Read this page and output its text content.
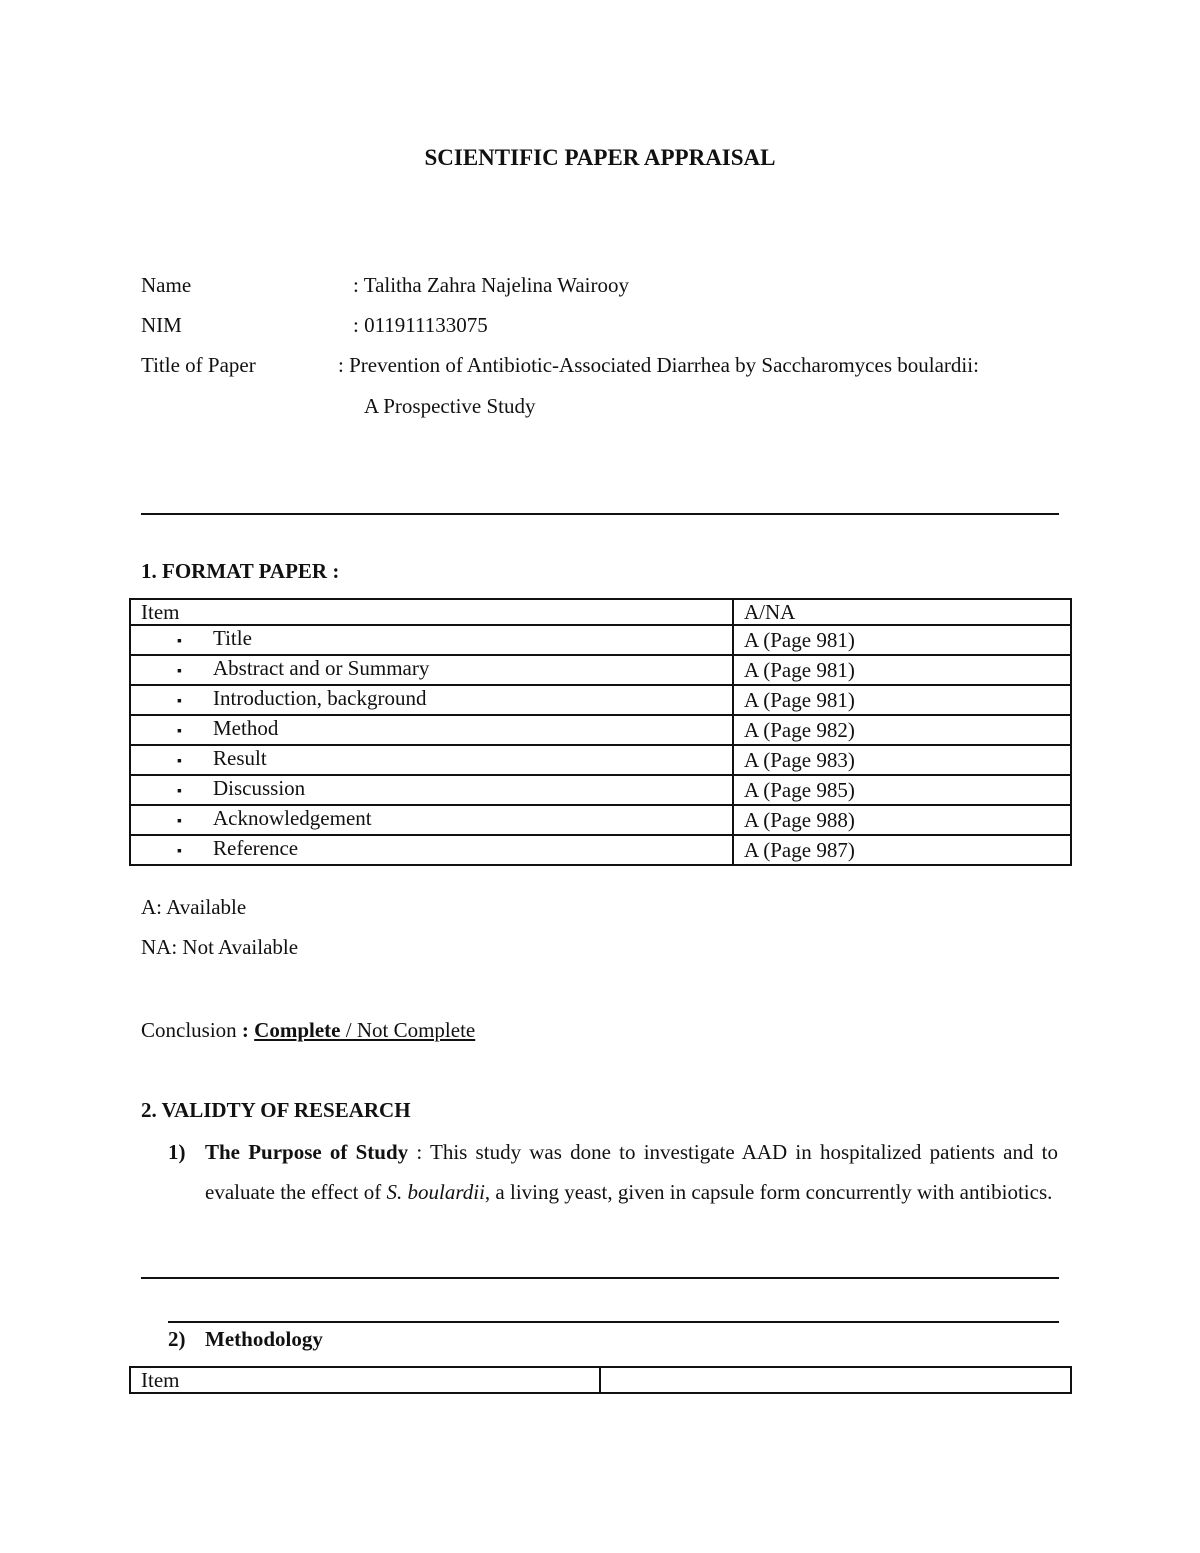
SCIENTIFIC PAPER APPRAISAL
Name	: Talitha Zahra Najelina Wairooy
NIM	: 011911133075
Title of Paper	: Prevention of Antibiotic-Associated Diarrhea by Saccharomyces boulardii:
A Prospective Study
1. FORMAT PAPER :
Item	A/NA
▪ Title	A (Page 981)
▪ Abstract and or Summary	A (Page 981)
▪ Introduction, background	A (Page 981)
▪ Method	A (Page 982)
▪ Result	A (Page 983)
▪ Discussion	A (Page 985)
▪ Acknowledgement	A (Page 988)
▪ Reference	A (Page 987)
A: Available
NA: Not Available
Conclusion : Complete / Not Complete
2. VALIDTY OF RESEARCH
1) The Purpose of Study : This study was done to investigate AAD in hospitalized patients and to evaluate the effect of S. boulardii, a living yeast, given in capsule form concurrently with antibiotics.
2) Methodology
Item	
